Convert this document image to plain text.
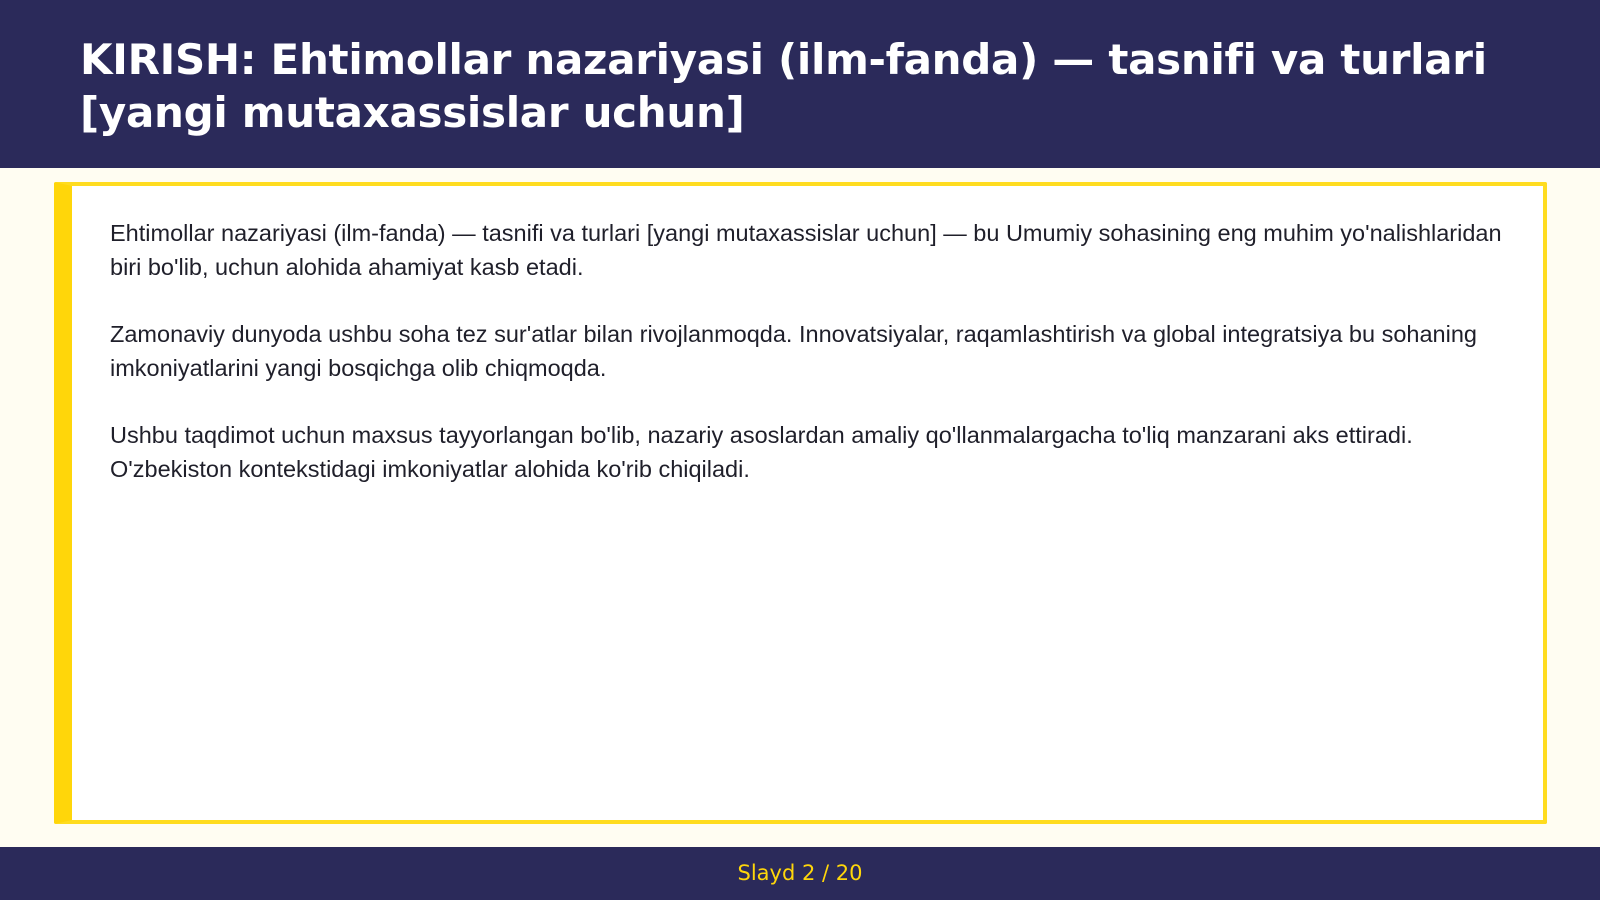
KIRISH: Ehtimollar nazariyasi (ilm-fanda) — tasnifi va turlari [yangi mutaxassislar uchun]

Ehtimollar nazariyasi (ilm-fanda) — tasnifi va turlari [yangi mutaxassislar uchun] — bu Umumiy sohasining eng muhim yo'nalishlaridan biri bo'lib, uchun alohida ahamiyat kasb etadi.

Zamonaviy dunyoda ushbu soha tez sur'atlar bilan rivojlanmoqda. Innovatsiyalar, raqamlashtirish va global integratsiya bu sohaning imkoniyatlarini yangi bosqichga olib chiqmoqda.

Ushbu taqdimot uchun maxsus tayyorlangan bo'lib, nazariy asoslardan amaliy qo'llanmalargacha to'liq manzarani aks ettiradi. O'zbekiston kontekstidagi imkoniyatlar alohida ko'rib chiqiladi.

Slayd 2 / 20
